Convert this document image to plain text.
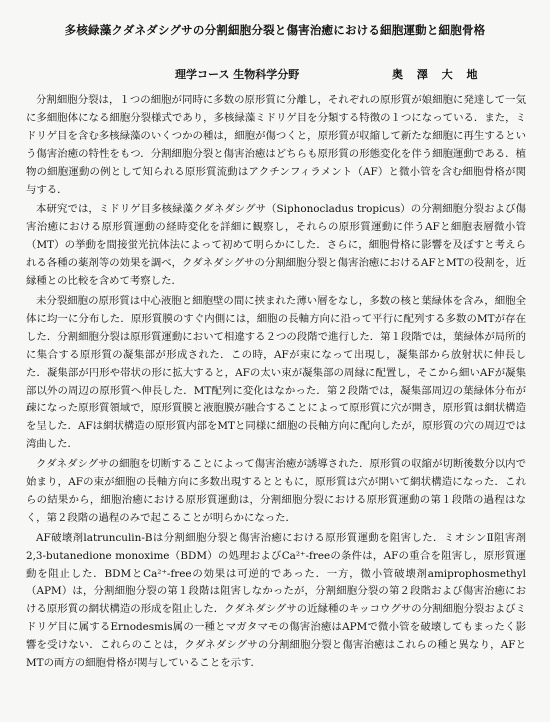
多核緑藻クダネダシグサの分割細胞分裂と傷害治癒における細胞運動と細胞骨格
理学コース 生物科学分野	奥 澤 大 地

分割細胞分裂は，１つの細胞が同時に多数の原形質に分離し，それぞれの原形質が娘細胞に発達して一気に多細胞体になる細胞分裂様式であり，多核緑藻ミドリゲ目を分類する特徴の１つになっている．また，ミドリゲ目を含む多核緑藻のいくつかの種は，細胞が傷つくと，原形質が収縮して新たな細胞に再生するという傷害治癒の特性をもつ．分割細胞分裂と傷害治癒はどちらも原形質の形態変化を伴う細胞運動である．植物の細胞運動の例として知られる原形質流動はアクチンフィラメント（AF）と微小管を含む細胞骨格が関与する．

本研究では，ミドリゲ目多核緑藻クダネダシグサ（Siphonocladus tropicus）の分割細胞分裂および傷害治癒における原形質運動の経時変化を詳細に観察し，それらの原形質運動に伴うAFと細胞表層微小管（MT）の挙動を間接蛍光抗体法によって初めて明らかにした．さらに，細胞骨格に影響を及ぼすと考えられる各種の薬剤等の効果を調べ，クダネダシグサの分割細胞分裂と傷害治癒におけるAFとMTの役割を，近縁種との比較を含めて考察した．

未分裂細胞の原形質は中心液胞と細胞壁の間に挟まれた薄い層をなし，多数の核と葉緑体を含み，細胞全体に均一に分布した．原形質膜のすぐ内側には，細胞の長軸方向に沿って平行に配列する多数のMTが存在した．分割細胞分裂は原形質運動において相違する２つの段階で進行した．第１段階では，葉緑体が局所的に集合する原形質の凝集部が形成された．この時，AFが束になって出現し，凝集部から放射状に伸長した．凝集部が円形や帯状の形に拡大すると，AFの太い束が凝集部の周縁に配置し，そこから細いAFが凝集部以外の周辺の原形質へ伸長した．MT配列に変化はなかった．第２段階では，凝集部周辺の葉緑体分布が疎になった原形質領域で，原形質膜と液胞膜が融合することによって原形質に穴が開き，原形質は網状構造を呈した．AFは網状構造の原形質内部をMTと同様に細胞の長軸方向に配向したが，原形質の穴の周辺では湾曲した．

クダネダシグサの細胞を切断することによって傷害治癒が誘導された．原形質の収縮が切断後数分以内で始まり，AFの束が細胞の長軸方向に多数出現するとともに，原形質は穴が開いて網状構造になった．これらの結果から，細胞治癒における原形質運動は，分割細胞分裂における原形質運動の第１段階の過程はなく，第２段階の過程のみで起こることが明らかになった．

AF破壊剤latrunculin-Bは分割細胞分裂と傷害治癒における原形質運動を阻害した．ミオシンⅡ阻害剤2,3-butanedione monoxime（BDM）の処理およびCa²⁺-freeの条件は，AFの重合を阻害し，原形質運動を阻止した．BDMとCa²⁺-freeの効果は可逆的であった．一方，微小管破壊剤amiprophosmethyl（APM）は，分割細胞分裂の第１段階は阻害しなかったが，分割細胞分裂の第２段階および傷害治癒における原形質の網状構造の形成を阻止した．クダネダシグサの近縁種のキッコウグサの分割細胞分裂およびミドリゲ目に属するErnodesmis属の一種とマガタマモの傷害治癒はAPMで微小管を破壊してもまったく影響を受けない．これらのことは，クダネダシグサの分割細胞分裂と傷害治癒はこれらの種と異なり，AFとMTの両方の細胞骨格が関与していることを示す．
